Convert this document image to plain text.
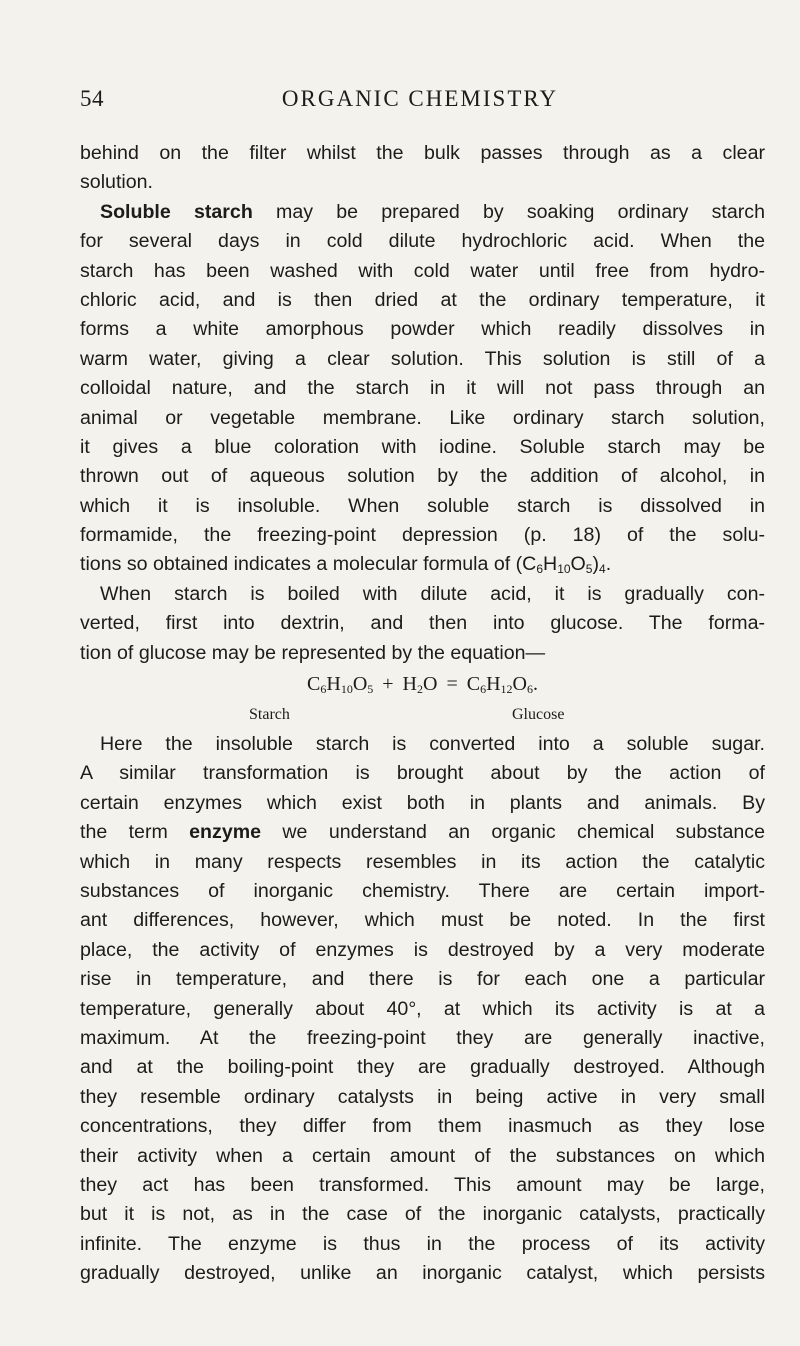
54	ORGANIC CHEMISTRY
behind on the filter whilst the bulk passes through as a clear
solution.
Soluble starch may be prepared by soaking ordinary starch
for several days in cold dilute hydrochloric acid. When the
starch has been washed with cold water until free from hydro-
chloric acid, and is then dried at the ordinary temperature, it
forms a white amorphous powder which readily dissolves in
warm water, giving a clear solution. This solution is still of a
colloidal nature, and the starch in it will not pass through an
animal or vegetable membrane. Like ordinary starch solution,
it gives a blue coloration with iodine. Soluble starch may be
thrown out of aqueous solution by the addition of alcohol, in
which it is insoluble. When soluble starch is dissolved in
formamide, the freezing-point depression (p. 18) of the solu-
tions so obtained indicates a molecular formula of $(C_6H_{10}O_5)_4$.
When starch is boiled with dilute acid, it is gradually con-
verted, first into dextrin, and then into glucose. The forma-
tion of glucose may be represented by the equation—
$C_6H_{10}O_5 + H_2O = C_6H_{12}O_6$.
Starch	Glucose
Here the insoluble starch is converted into a soluble sugar.
A similar transformation is brought about by the action of
certain enzymes which exist both in plants and animals. By
the term enzyme we understand an organic chemical substance
which in many respects resembles in its action the catalytic
substances of inorganic chemistry. There are certain import-
ant differences, however, which must be noted. In the first
place, the activity of enzymes is destroyed by a very moderate
rise in temperature, and there is for each one a particular
temperature, generally about 40°, at which its activity is at a
maximum. At the freezing-point they are generally inactive,
and at the boiling-point they are gradually destroyed. Although
they resemble ordinary catalysts in being active in very small
concentrations, they differ from them inasmuch as they lose
their activity when a certain amount of the substances on which
they act has been transformed. This amount may be large,
but it is not, as in the case of the inorganic catalysts, practically
infinite. The enzyme is thus in the process of its activity
gradually destroyed, unlike an inorganic catalyst, which persists
